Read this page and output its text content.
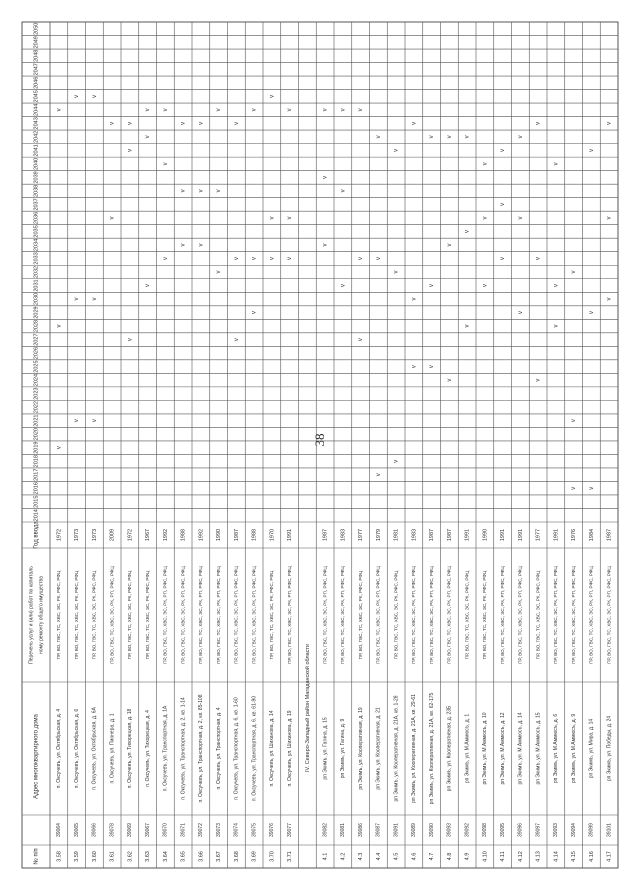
38
№ п/п
Адрес многоквартирного дома
Перечень услуг и (или) работ по капиталь ному ремонту общего имущества
Год ввода
2014
2015
2016
2017
2018
2019
2020
2021
2022
2023
2024
2025
2026
2027
2028
2029
2030
2031
2032
2033
2034
2035
2036
2037
2038
2039
2040
2041
2042
2043
2044
2045
2046
2047
2048
2049
2050
3.58
39064
п. Оксучевъ, ул. Октябрьская, д. 4
ПР, ВО, ГВС, ТС, ХВС, ЭС, РК, РФС, РФЦ
1972
v
v
v
3.59
39065
п. Оксучевъ, ул. Октябрьская, д. 6
ПР, ВО, ГВС, ТС, ХВС, ЭС, РК, РФС, РФЦ
1973
v
v
v
3.60
39066
п. Оксучевъ, ул. Октябрьская, д. 6А
ПР, ВО, ГВС, ТС, ХВС, ЭС, РК, РФС, РФЦ
1973
v
v
v
3.61
39078
п. Оксучевъ, ул. Пионера, д. 1
ПР, ВО, ГВС, ТС, ХВС, ЭС, РК, РП, РФС, РФЦ
2009
v
v
3.62
39069
п. Оксучевъ, ул. Тихорецкая, д. 18
ПР, ВО, ГВС, ТС, ХВС, ЭС, РК, РФС, РФЦ
1972
v
v
v
3.63
39067
п. Оксучевъ, ул. Тихорецкая, д. 4
ПР, ВО, ГВС, ТС, ХВС, ЭС, РК, РФС, РФЦ
1967
v
v
v
3.64
39070
п. Оксучевъ, ул. Транспортная, д. 1А
ПР, ВО, ГВС, ТС, ХВС, ЭС, РК, РП, РФС, РФЦ
1992
v
v
v
3.65
39071
п. Оксучевъ, ул. Транспортная, д. 2, кв. 1-14
ПР, ВО, ГВС, ТС, ХВС, ЭС, РК, РП, РФС, РФЦ
1988
v
v
v
3.66
39072
п. Оксучевъ, ул. Транспортная, д. 2, кв. 85-108
ПР, ВО, ГВС, ТС, ХВС, ЭС, РК, РП, РФС, РФЦ
1992
v
v
v
3.67
39073
п. Оксучевъ, ул. Транспортная, д. 4
ПР, ВО, ГВС, ТС, ХВС, ЭС, РК, РП, РФС, РФЦ
1990
v
v
v
3.68
39074
п. Оксучевъ, ул. Транспортная, д. 6, кв. 1-60
ПР, ВО, ГВС, ТС, ХВС, ЭС, РК, РП, РФС, РФЦ
1987
v
v
v
3.69
39075
п. Оксучевъ, ул. Транспортная, д. 6, кв. 61-90
ПР, ВО, ГВС, ТС, ХВС, ЭС, РК, РП, РФС, РФЦ
1988
v
v
v
3.70
39076
п. Оксучевъ, ул. Шиханова, д. 14
ПР, ВО, ГВС, ТС, ХВС, ЭС, РК, РФС, РФЦ
1970
v
v
v
3.71
39077
п. Оксучевъ, ул. Шиханова, д. 19
ПР, ВО, ГВС, ТС, ХВС, ЭС, РК, РП, РФС, РФЦ
1991
v
v
v
IV. Северо-Западный район Магаданской области
4.1
39082
рп Экимъ, ул. Гагина, д. 15
ПР, ВО, ГВС, ТС, ХВС, ЭС, РК, РП, РФС, РФЦ
1987
v
v
v
4.2
39081
рп Экимъ, ул. Гагина, д. 9
ПР, ВО, ГВС, ТС, ХВС, ЭС, РК, РП, РФС, РФЦ
1983
v
v
v
4.3
39086
рп Экимъ, ул. Кооперативная, д. 19
ПР, ВО, ГВС, ТС, ХВС, ЭС, РК, РФС, РФЦ
1977
v
v
v
4.4
39087
рп Экимъ, ул. Кооперативная, д. 21
ПР, ВО, ГВС, ТС, ХВС, ЭС, РК, РП, РФС, РФЦ
1979
v
v
v
4.5
39091
рп Экимъ, ул. Кооперативная, д. 21А, кв. 1-28
ПР, ВО, ГВС, ТС, ХВС, ЭС, РК, РФС, РФЦ
1981
v
v
v
4.6
39089
рп Экимъ, ул. Кооперативная, д. 21А, кв. 29-61
ПР, ВО, ГВС, ТС, ХВС, ЭС, РК, РП, РФС, РФЦ
1983
v
v
v
4.7
39090
рп Экимъ, ул. Кооперативная, д. 21А, кв. 62-175
ПР, ВО, ГВС, ТС, ХВС, ЭС, РК, РП, РФС, РФЦ
1987
v
v
v
4.8
39093
рп Экимъ, ул. Кооперативная, д. 23Б
ПР, ВО, ГВС, ТС, ХВС, ЭС, РК, РП, РФС, РФЦ
1987
v
v
v
4.9
39092
рп Экимъ, ул. М.Аммюсъ, д. 1
ПР, ВО, ГВС, ТС, ХВС, ЭС, РК, РФС, РФЦ
1991
v
v
v
4.10
39098
рп Экимъ, ул. М.Аммюсъ, д. 10
ПР, ВО, ГВС, ТС, ХВС, ЭС, РК, РФС, РФЦ
1990
v
v
v
4.11
39095
рп Экимъ, ул. М.Аммюсъ, д. 12
ПР, ВО, ГВС, ТС, ХВС, ЭС, РК, РП, РФС, РФЦ
1991
v
v
v
4.12
39096
рп Экимъ, ул. М.Аммюсъ, д. 14
ПР, ВО, ГВС, ТС, ХВС, ЭС, РК, РП, РФС, РФЦ
1991
v
v
v
4.13
39097
рп Экимъ, ул. М.Аммюсъ, д. 15
ПР, ВО, ГВС, ТС, ХВС, ЭС, РК, РФС, РФЦ
1977
v
v
v
4.14
39093
рп Экимъ, ул. М.Аммюсъ, д. 6
ПР, ВО, ГВС, ТС, ХВС, ЭС, РК, РП, РФС, РФЦ
1991
v
v
v
4.15
39094
рп Экимъ, ул. М.Аммюсъ, д. 9
ПР, ВО, ГВС, ТС, ХВС, ЭС, РК, РП, РФС, РФЦ
1976
v
v
v
4.16
39099
рп Экимъ, ул. Мира, д. 14
ПР, ВО, ГВС, ТС, ХВС, ЭС, РК, РП, РФС, РФЦ
1984
v
v
v
4.17
39101
рп Экимъ, ул. Победы, д. 24
ПР, ВО, ГВС, ТС, ХВС, ЭС, РК, РП, РФС, РФЦ
1987
v
v
v
